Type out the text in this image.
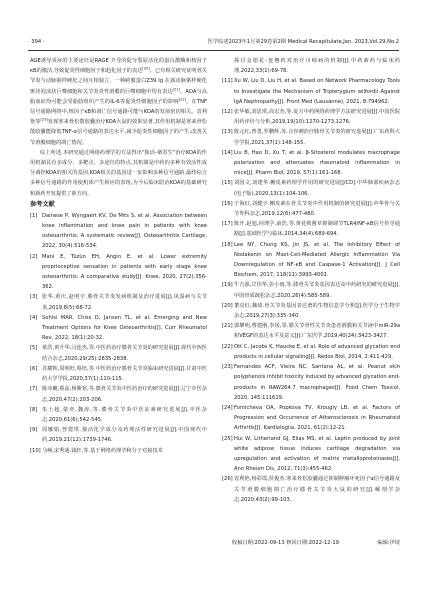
· 394 ·	医学综述2023年1月第29卷第2期 Medical Recapitulate,Jan. 2023,Vol.29,No.2

AGE诱导炎症的主要途径是RAGE 介导的促分裂原活化的蛋白激酶和核因子κB的激活,导致促炎性细胞因子和趋化因子的表达[20]。已有相关研究证明骨关节炎与动脉粥样硬化之间互相独立。一种跨膜蛋白Z39 Ig 在颈动脉粥样硬化斑块泡沫状巨噬细胞和关节炎炎性滑膜的巨噬细胞中均有表达[21]。AOA与高脂血症均可能会受脂肪组织产生的IL-6等促炎性细胞因子的影响[22]。在TNF信号通路网络中,核因子κB和凋亡信号通路可能与KOA的发展密切相关。袁利艳等[23]发现寒来骨松散胶囊治疗KOA大鼠的效果显著,其作用机制是寒来骨松散胶囊能降低TNF-α信号通路的表达水平,减少促炎性细胞因子的产生,改善关节滑膜细胞的凋亡情况。

综上所述,本研究通过网络药理学的方法得出"独活-桑寄生"治疗KOA的作用机制具有多成分、多靶点、多途径的特点,其机制是中药的多种有效活性成分调控KOA的相关的基因,KOA相关的基因进一步影响多种信号通路,最终综合多种信号通路的作用使机体产生相应的表现,为今后临床防治KOA的基础研究和新药开发提供了新方向。

参考文献

[1] Dainese P, Wyngaert KV, De Mits S, et al. Association between knee inflammation and knee pain in patients with knee osteoarthritis: A systematic review[J]. Osteoarthritis Cartilage, 2022, 30(4):516-534.

[2] Mani E, Tüzün EH, Angın E, et al. Lower extremity proprioceptive sensation in patients with early stage knee osteoarthritis: A comparative study[J]. Knee, 2020, 27(2):356-362.

[3] 张华,黄庆,赵明宇.膝骨关节炎发病机制及治疗进展[J].风湿病与关节炎,2019,8(5):68-72.

[4] Sohlsi MAR, Chiss D, Jansen TL, et al. Emerging and New Treatment Options for Knee Osteoarthritis[J]. Curr Rheumatol Rev, 2022, 18(1):20-32.

[5] 黄浩,黄升华,闫连杰,等.中医药治疗膝骨关节炎的研究进展[J].现代中西医结合杂志,2020,29(25):2835-2838.

[6] 苏耀辉,周明旺,蔡焙,等.中医药治疗膝骨关节炎临床研究进展[J].甘肃中医药大学学报,2020,37(1):110-115.

[7] 陈亦夔,蔡兹,杨紫寒,等.膝骨关节炎中医药治疗的研究进展[J].辽宁中医杂志,2020,47(2):203-206.

[8] 朱士超,蒙奕,魏涛,等.膝骨关节炎中医证素研究进展[J].中医杂志,2020,61(6):542-545.

[9] 周娜娟,曾建琪.独活化学成分及药理活性研究进展[J].中国现代中药,2019,21(12):1739-1746.

[10] 马畅,宋秀通,钱轩,等.基于网络药理学和分子对接技术

探讨金银花-连翘药对治疗川崎病的机制[J].中药新药与临床药理,2022,33(1):69-78.

[11] Xu W, Liu D, Liu H, et al. Based on Network Pharmacology Tools to Investigate the Mechanism of Tripterygium wilfordii Against IgA Nephropathy[J]. Front Med (Lausanne), 2021, 8:794962.

[12] 张华敏,刘思琪,高宏杰,等.复方中药网络药理学方法研究进展[J].中国医院用药评价与分析,2019,19(10):1270-1273,1276.

[13] 陈元红,曾勇,罗鹏辉,等.合谷刺治疗膝骨关节炎的研究进展[J].广东药科大学学报,2021,37(1):148-155.

[14] Liu B, Hao D, Xu T, et al. β-Sitosterol modulates macrophage polarization and attenuates rheumatoid inflammation in mice[J]. Pharm Biol, 2019, 57(1):161-168.

[15] 刘国文,刘建华.槲皮素药理学作用的研究进展[J/CD].中华肺部疾病杂志(电子版),2020,13(1):104-106.

[16] 于海红,刘健宇.槲皮素在骨关节炎中作用机制的研究进展[J].中华骨与关节外科杂志,2019,12(6):477-480.

[17] 陈开,赵旭,何理学,俞浩,等.黄花败酱草抑制调节TLR4/NF-κB信号传导通路[J].基础医学与临床,2014,34(4):689-694.

[18] Lee NY, Chung KS, Jin JS, et al. The Inhibitory Effect of Nodakenin on Mast-Cell-Mediated Allergic Inflammation Via Downregulation of NF-κB and Caspase-1 Activation[J]. J Cell Biochem, 2017, 118(11):3993-4001.

[19] 牛吉源,甘伟华,彭小雨,等.膝骨关节炎基因表达及中药研究的研究进展[J].中国骨质疏松杂志,2020,26(4):585-589.

[20] 董亮红,魏琦.骨关节炎基因表达谱的生物信息学分析[J].医学分子生物学杂志,2019,27(3):335-340.

[21] 郭攀明,曹建刚,李冈,等.膝关节骨性关节炎患者滑膜和关节液中miR-29a和VEGF的表达水平及意义[J].广东医学,2019,40(24):3423-3427.

[22] Ott C, Jacobs K, Haucke E, et al. Role of advanced glycation end products in cellular signaling[J]. Redox Biol, 2014, 2:411-429.

[23] Fernandes ACF, Vieira NC, Santana AL, et al. Peanut skin polyphenols inhibit toxicity induced by advanced glycation end-products in RAW264.7 macrophages[J]. Food Chem Toxicol, 2020, 145:111619.

[24] Fomicheva OA, Popkova TV, Krougly LB, et al. Factors of Progression and Occurrence of Atherosclerosis in Rheumatoid Arthritis[J]. Kardiologiia, 2021, 61(2):12-21.

[25] Hui W, Litherland GJ, Elias MS, et al. Leptin produced by joint white adipose tissue induces cartilage degradation via upregulation and activation of matrix metalloproteinases[J]. Ann Rheum Dis, 2012, 71(3):455-462.

[26] 袁利艳,杨彩霞,侯俊杰.寒来骨松胶囊通过抑制肿瘤坏死因子α信号通路及关节滑膜细胞凋亡治疗膝骨关节炎大鼠的研究[J].解剖学杂志,2020,43(2):99-103.

收稿日期:2022-09-13 修回日期:2022-12-19	编辑:伊琦
